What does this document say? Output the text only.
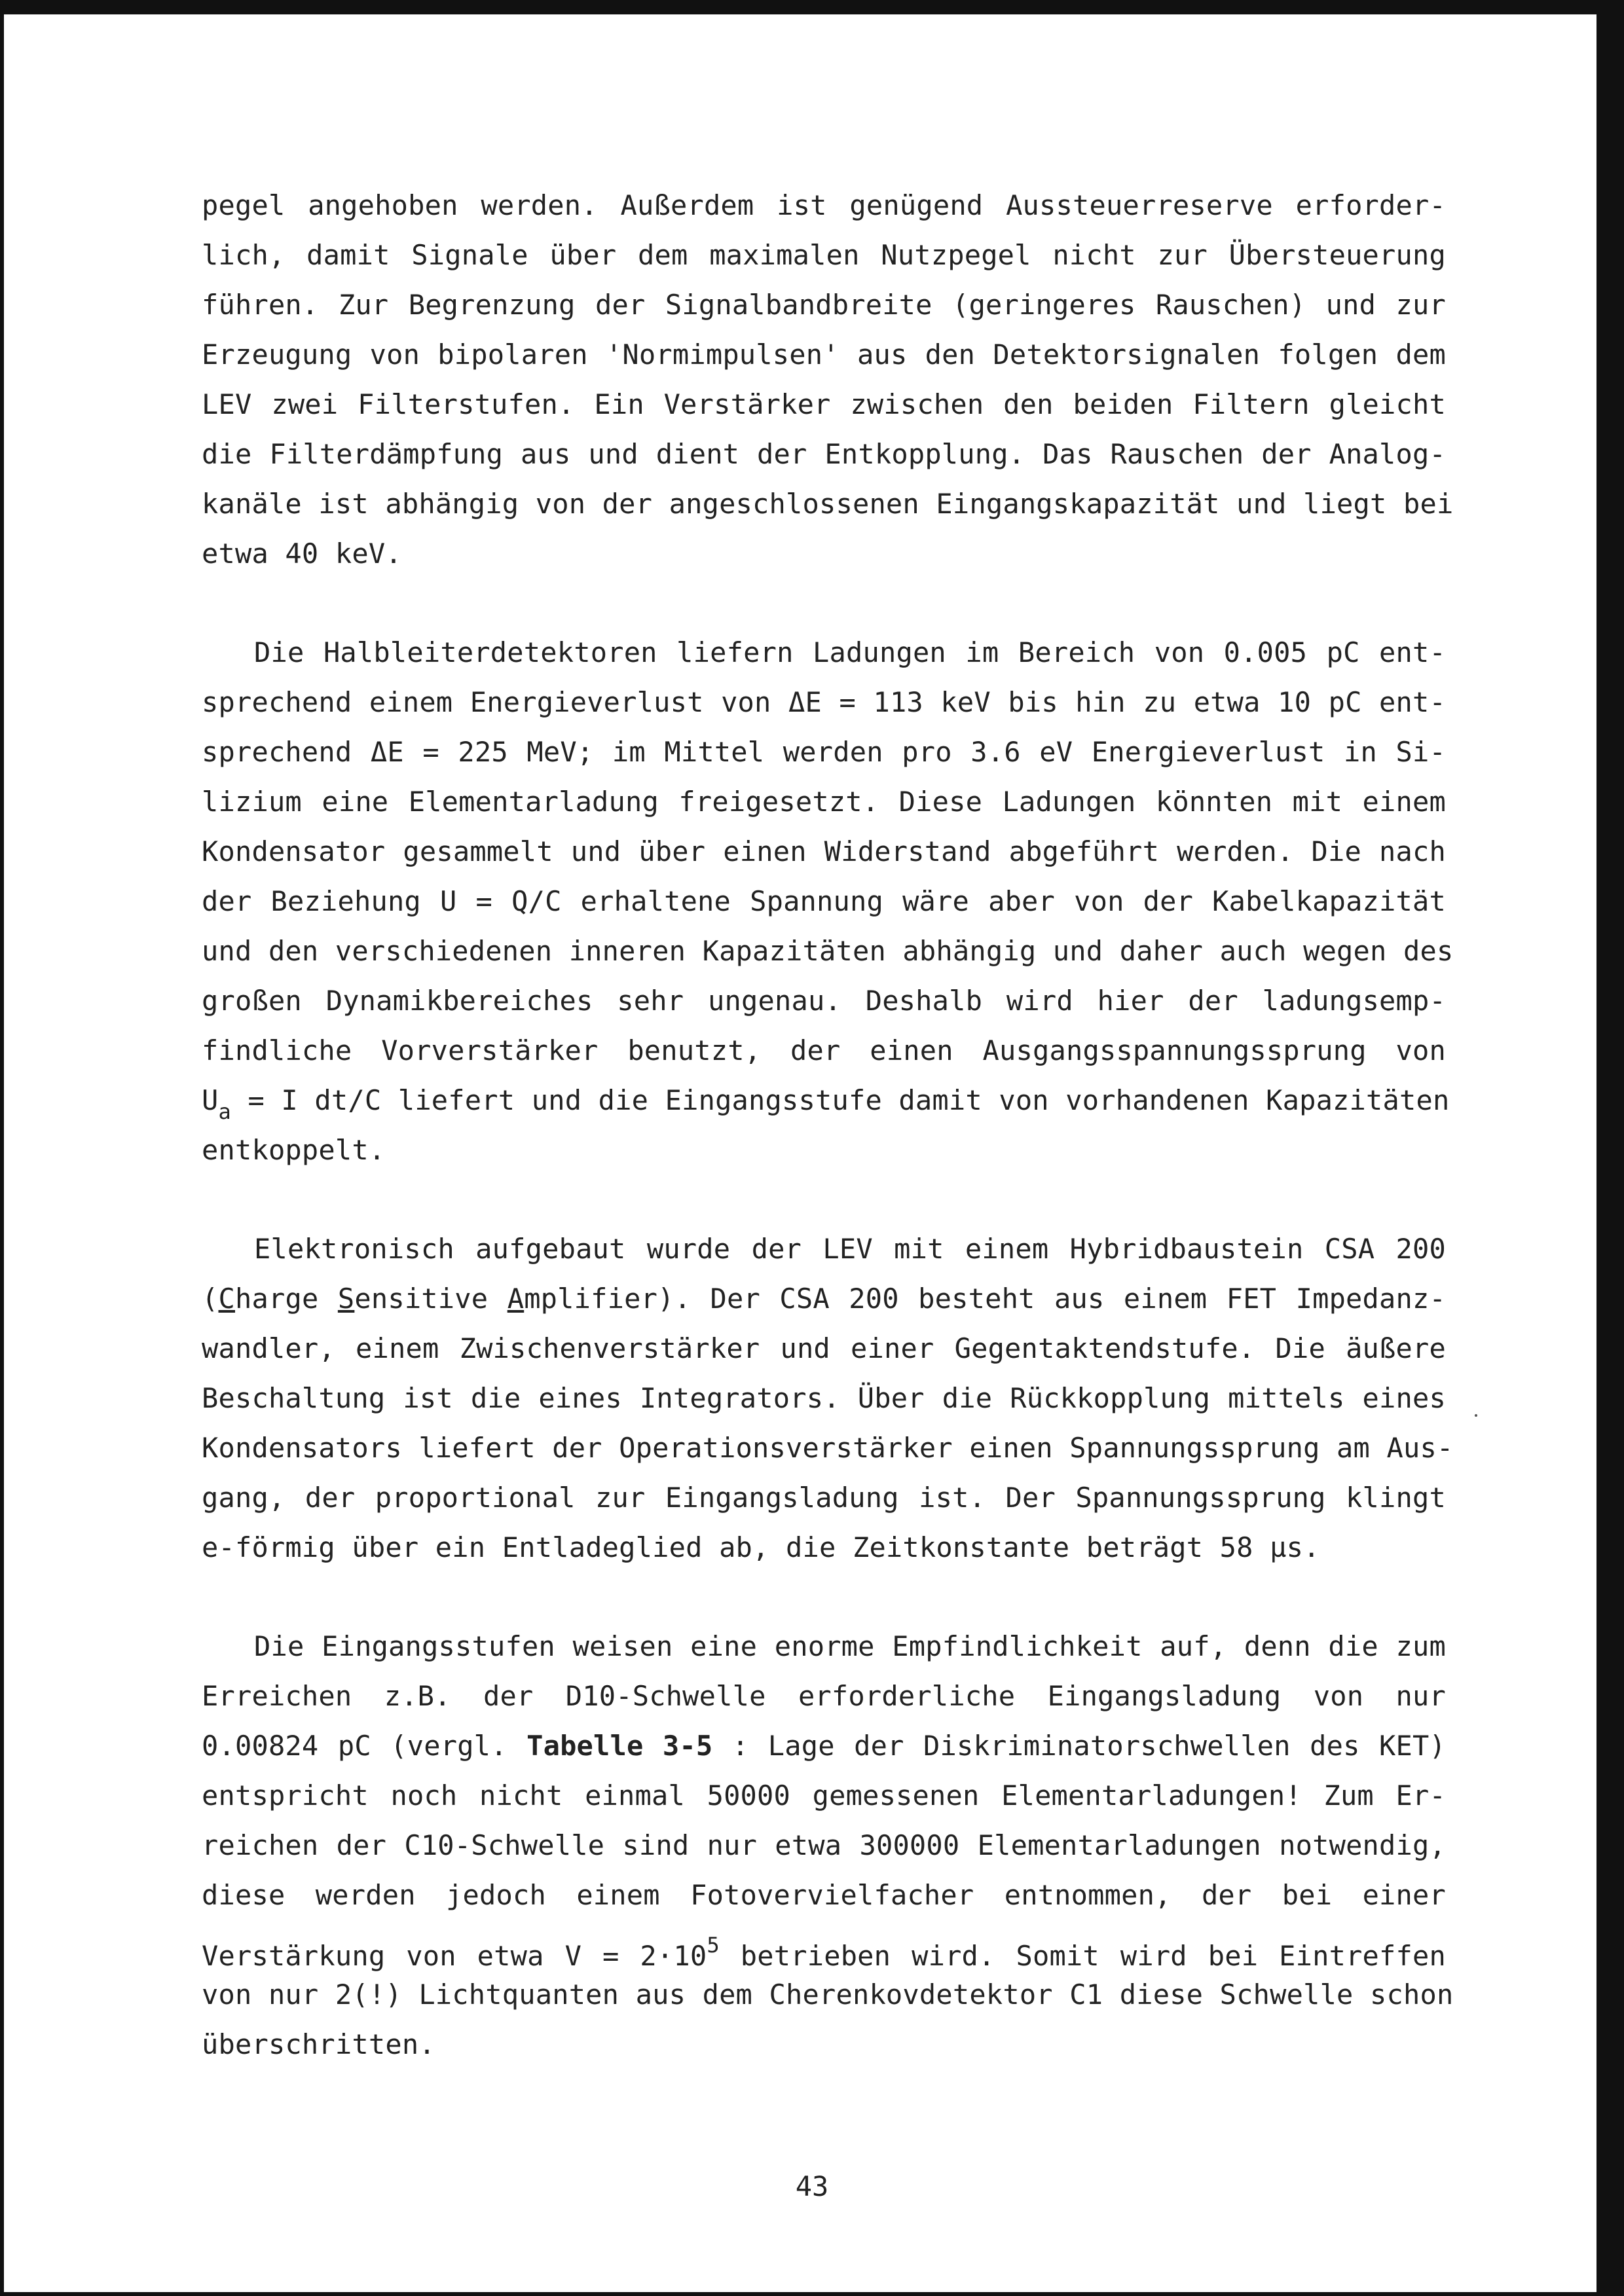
pegel angehoben werden. Außerdem ist genügend Aussteuerreserve erforder-
lich, damit Signale über dem maximalen Nutzpegel nicht zur Übersteuerung
führen. Zur Begrenzung der Signalbandbreite (geringeres Rauschen) und zur
Erzeugung von bipolaren 'Normimpulsen' aus den Detektorsignalen folgen dem
LEV zwei Filterstufen. Ein Verstärker zwischen den beiden Filtern gleicht
die Filterdämpfung aus und dient der Entkopplung. Das Rauschen der Analog-
kanäle ist abhängig von der angeschlossenen Eingangskapazität und liegt bei
etwa 40 keV.
Die Halbleiterdetektoren liefern Ladungen im Bereich von 0.005 pC ent-
sprechend einem Energieverlust von ΔE = 113 keV bis hin zu etwa 10 pC ent-
sprechend ΔE = 225 MeV; im Mittel werden pro 3.6 eV Energieverlust in Si-
lizium eine Elementarladung freigesetzt. Diese Ladungen könnten mit einem
Kondensator gesammelt und über einen Widerstand abgeführt werden. Die nach
der Beziehung U = Q/C erhaltene Spannung wäre aber von der Kabelkapazität
und den verschiedenen inneren Kapazitäten abhängig und daher auch wegen des
großen Dynamikbereiches sehr ungenau. Deshalb wird hier der ladungsemp-
findliche Vorverstärker benutzt, der einen Ausgangsspannungssprung von
$U_a = I$ dt/C liefert und die Eingangsstufe damit von vorhandenen Kapazitäten
entkoppelt.
Elektronisch aufgebaut wurde der LEV mit einem Hybridbaustein CSA 200
(Charge Sensitive Amplifier). Der CSA 200 besteht aus einem FET Impedanz-
wandler, einem Zwischenverstärker und einer Gegentaktendstufe. Die äußere
Beschaltung ist die eines Integrators. Über die Rückkopplung mittels eines
Kondensators liefert der Operationsverstärker einen Spannungssprung am Aus-
gang, der proportional zur Eingangsladung ist. Der Spannungssprung klingt
e-förmig über ein Entladeglied ab, die Zeitkonstante beträgt 58 µs.
Die Eingangsstufen weisen eine enorme Empfindlichkeit auf, denn die zum
Erreichen z.B. der D10-Schwelle erforderliche Eingangsladung von nur
0.00824 pC (vergl. Tabelle 3-5 : Lage der Diskriminatorschwellen des KET)
entspricht noch nicht einmal 50000 gemessenen Elementarladungen! Zum Er-
reichen der C10-Schwelle sind nur etwa 300000 Elementarladungen notwendig,
diese werden jedoch einem Fotovervielfacher entnommen, der bei einer
Verstärkung von etwa $V = 2\cdot 10^5$ betrieben wird. Somit wird bei Eintreffen
von nur 2(!) Lichtquanten aus dem Cherenkovdetektor C1 diese Schwelle schon
überschritten.
43
